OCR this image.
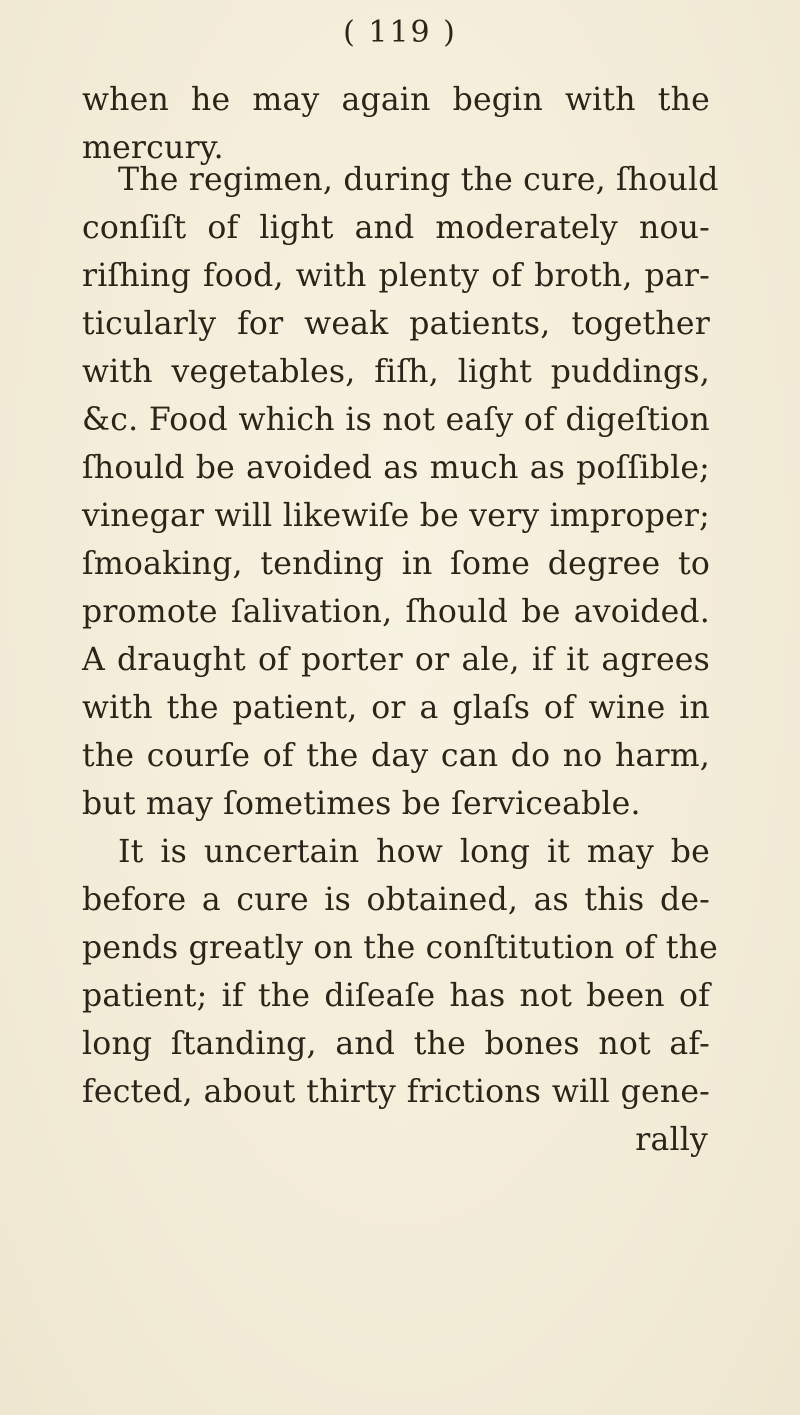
( 119 )
when he may again begin with the
mercury.
The regimen, during the cure, ſhould
conſiſt of light and moderately nou-
riſhing food, with plenty of broth, par-
ticularly for weak patients, together
with vegetables, fiſh, light puddings,
&c. Food which is not eaſy of digeſtion
ſhould be avoided as much as poſſible;
vinegar will likewiſe be very improper;
ſmoaking, tending in ſome degree to
promote ſalivation, ſhould be avoided.
A draught of porter or ale, if it agrees
with the patient, or a glaſs of wine in
the courſe of the day can do no harm,
but may ſometimes be ſerviceable.
It is uncertain how long it may be
before a cure is obtained, as this de-
pends greatly on the conſtitution of the
patient; if the diſeaſe has not been of
long ſtanding, and the bones not af-
fected, about thirty frictions will gene-
rally
